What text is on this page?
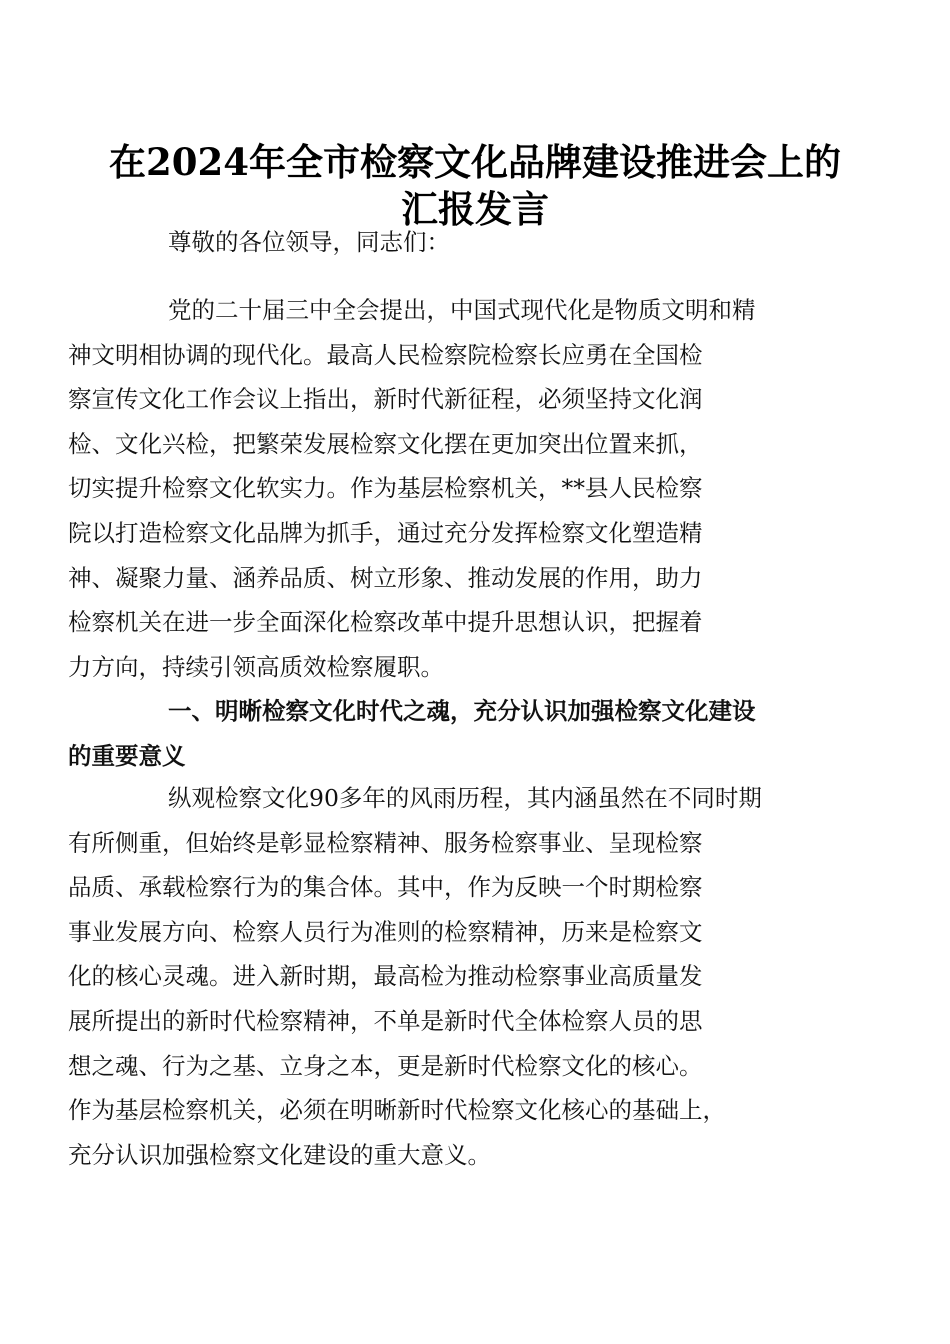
在2024年全市检察文化品牌建设推进会上的
汇报发言

尊敬的各位领导，同志们：

党的二十届三中全会提出，中国式现代化是物质文明和精
神文明相协调的现代化。最高人民检察院检察长应勇在全国检
察宣传文化工作会议上指出，新时代新征程，必须坚持文化润
检、文化兴检，把繁荣发展检察文化摆在更加突出位置来抓，
切实提升检察文化软实力。作为基层检察机关，**县人民检察
院以打造检察文化品牌为抓手，通过充分发挥检察文化塑造精
神、凝聚力量、涵养品质、树立形象、推动发展的作用，助力
检察机关在进一步全面深化检察改革中提升思想认识，把握着
力方向，持续引领高质效检察履职。
一、明晰检察文化时代之魂，充分认识加强检察文化建设
的重要意义
纵观检察文化90多年的风雨历程，其内涵虽然在不同时期
有所侧重，但始终是彰显检察精神、服务检察事业、呈现检察
品质、承载检察行为的集合体。其中，作为反映一个时期检察
事业发展方向、检察人员行为准则的检察精神，历来是检察文
化的核心灵魂。进入新时期，最高检为推动检察事业高质量发
展所提出的新时代检察精神，不单是新时代全体检察人员的思
想之魂、行为之基、立身之本，更是新时代检察文化的核心。
作为基层检察机关，必须在明晰新时代检察文化核心的基础上，
充分认识加强检察文化建设的重大意义。
